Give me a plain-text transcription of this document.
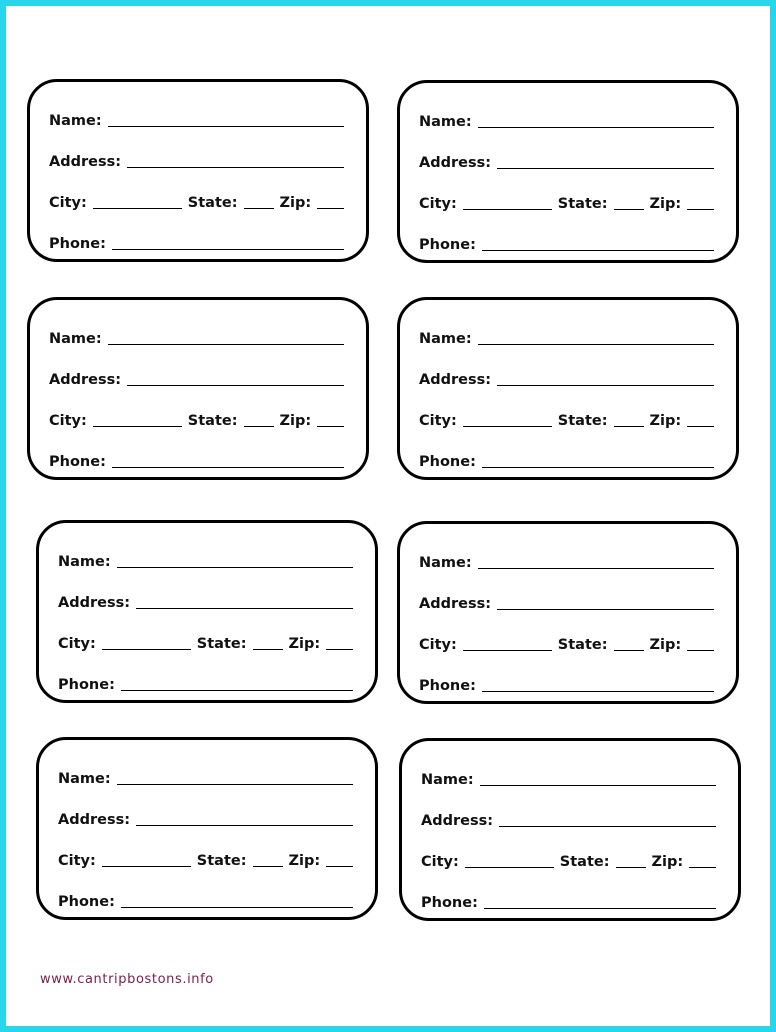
Name:
Address:
City:	State:	Zip:
Phone:
Name:
Address:
City:	State:	Zip:
Phone:
Name:
Address:
City:	State:	Zip:
Phone:
Name:
Address:
City:	State:	Zip:
Phone:
Name:
Address:
City:	State:	Zip:
Phone:
Name:
Address:
City:	State:	Zip:
Phone:
Name:
Address:
City:	State:	Zip:
Phone:
Name:
Address:
City:	State:	Zip:
Phone:
www.cantripbostons.info
